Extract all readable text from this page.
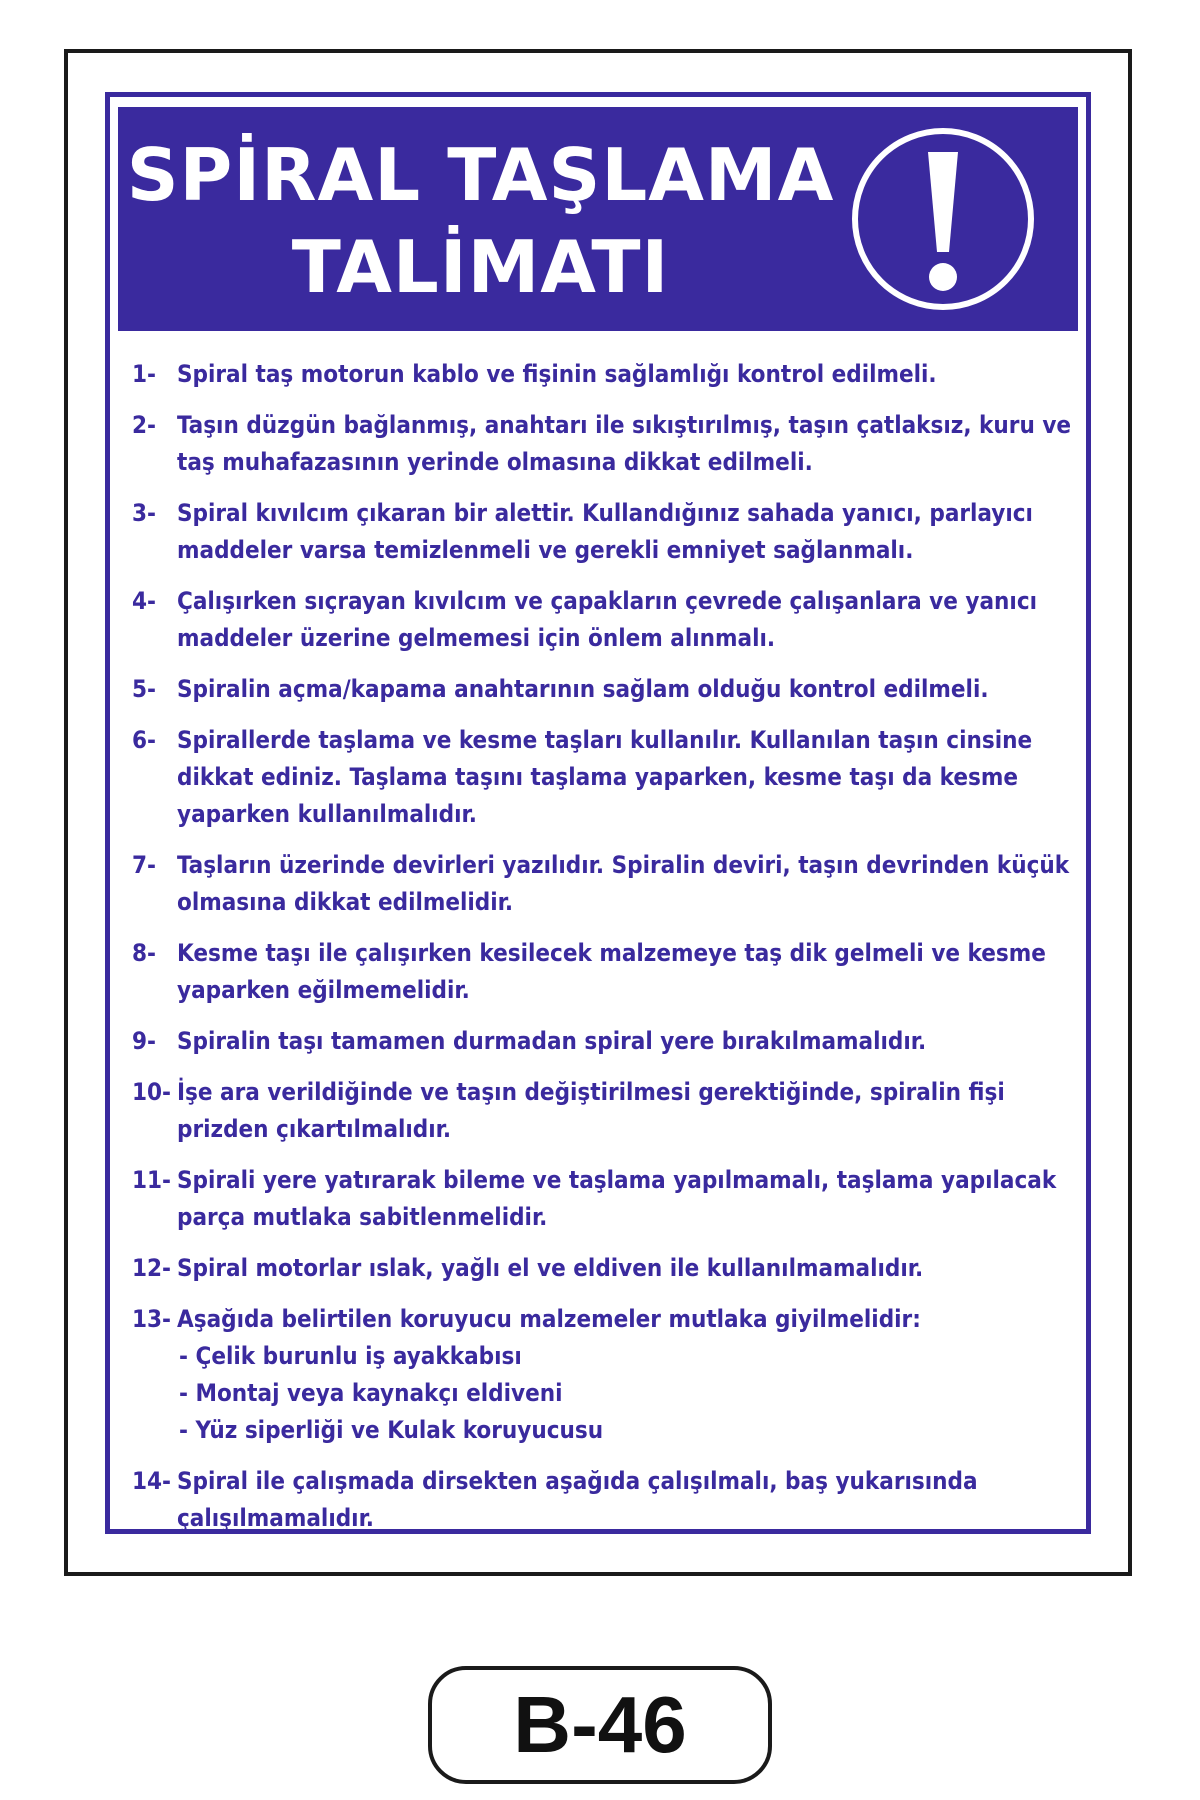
SPİRAL TAŞLAMA
TALİMATI
1- Spiral taş motorun kablo ve fişinin sağlamlığı kontrol edilmeli.
2- Taşın düzgün bağlanmış, anahtarı ile sıkıştırılmış, taşın çatlaksız, kuru ve taş muhafazasının yerinde olmasına dikkat edilmeli.
3- Spiral kıvılcım çıkaran bir alettir. Kullandığınız sahada yanıcı, parlayıcı maddeler varsa temizlenmeli ve gerekli emniyet sağlanmalı.
4- Çalışırken sıçrayan kıvılcım ve çapakların çevrede çalışanlara ve yanıcı maddeler üzerine gelmemesi için önlem alınmalı.
5- Spiralin açma/kapama anahtarının sağlam olduğu kontrol edilmeli.
6- Spirallerde taşlama ve kesme taşları kullanılır. Kullanılan taşın cinsine dikkat ediniz. Taşlama taşını taşlama yaparken, kesme taşı da kesme yaparken kullanılmalıdır.
7- Taşların üzerinde devirleri yazılıdır. Spiralin deviri, taşın devrinden küçük olmasına dikkat edilmelidir.
8- Kesme taşı ile çalışırken kesilecek malzemeye taş dik gelmeli ve kesme yaparken eğilmemelidir.
9- Spiralin taşı tamamen durmadan spiral yere bırakılmamalıdır.
10- İşe ara verildiğinde ve taşın değiştirilmesi gerektiğinde, spiralin fişi prizden çıkartılmalıdır.
11- Spirali yere yatırarak bileme ve taşlama yapılmamalı, taşlama yapılacak parça mutlaka sabitlenmelidir.
12- Spiral motorlar ıslak, yağlı el ve eldiven ile kullanılmamalıdır.
13- Aşağıda belirtilen koruyucu malzemeler mutlaka giyilmelidir:
- Çelik burunlu iş ayakkabısı
- Montaj veya kaynakçı eldiveni
- Yüz siperliği ve Kulak koruyucusu
14- Spiral ile çalışmada dirsekten aşağıda çalışılmalı, baş yukarısında çalışılmamalıdır.
B-46
